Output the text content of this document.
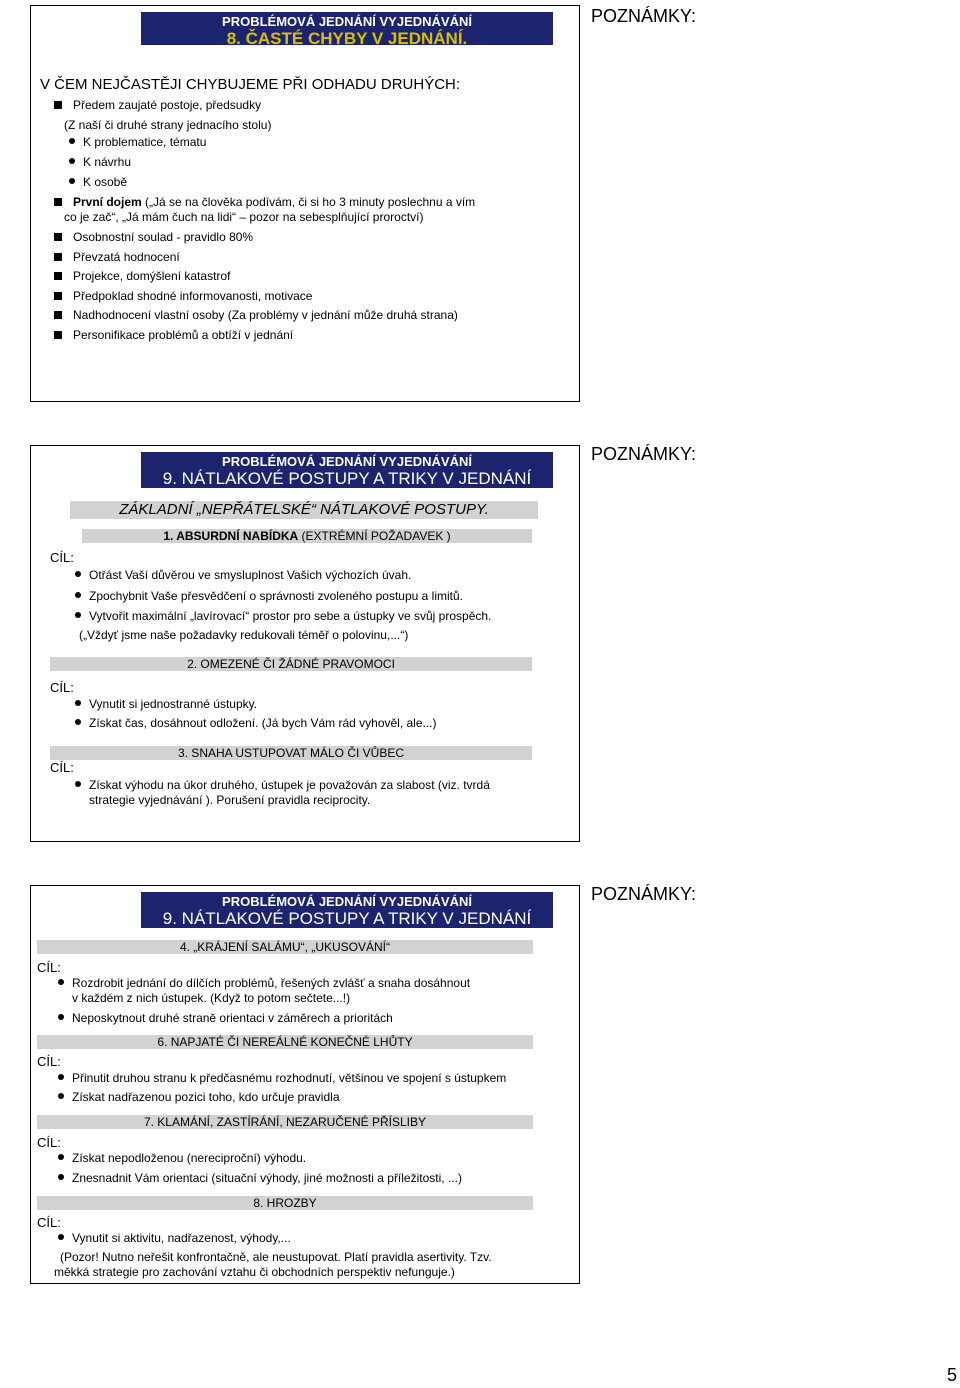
PROBLÉMOVÁ JEDNÁNÍ VYJEDNÁVÁNÍ
8. ČASTÉ CHYBY V JEDNÁNÍ.
POZNÁMKY:
V ČEM NEJČASTĚJI CHYBUJEME PŘI ODHADU DRUHÝCH:
Předem zaujaté postoje, předsudky
(Z naší či druhé strany jednacího stolu)
K problematice, tématu
K návrhu
K osobě
První dojem („Já se na člověka podívám, či si ho 3 minuty poslechnu a vím
co je zač“, „Já mám čuch na lidi“ – pozor na sebesplňující proroctví)
Osobnostní soulad - pravidlo 80%
Převzatá hodnocení
Projekce, domýšlení katastrof
Předpoklad shodné informovanosti, motivace
Nadhodnocení vlastní osoby (Za problémy v jednání může druhá strana)
Personifikace problémů a obtíží v jednání
PROBLÉMOVÁ JEDNÁNÍ VYJEDNÁVÁNÍ
9. NÁTLAKOVÉ POSTUPY A TRIKY V JEDNÁNÍ
POZNÁMKY:
ZÁKLADNÍ „NEPŘÁTELSKÉ“ NÁTLAKOVÉ POSTUPY.
1. ABSURDNÍ NABÍDKA (EXTRÉMNÍ POŽADAVEK )
CÍL:
Otřást Vaší důvěrou ve smysluplnost Vašich výchozích úvah.
Zpochybnit Vaše přesvědčení o správnosti zvoleného postupu a limitů.
Vytvořit maximální „lavírovací“ prostor pro sebe a ústupky ve svůj prospěch.
(„Vždyť jsme naše požadavky redukovali téměř o polovinu,...“)
2. OMEZENÉ ČI ŽÁDNÉ PRAVOMOCI
CÍL:
Vynutit si jednostranné ústupky.
Získat čas, dosáhnout odložení. (Já bych Vám rád vyhověl, ale...)
3. SNAHA USTUPOVAT MÁLO ČI VŮBEC
CÍL:
Získat výhodu na úkor druhého, ústupek je považován za slabost (viz. tvrdá
strategie vyjednávání ). Porušení pravidla reciprocity.
PROBLÉMOVÁ JEDNÁNÍ VYJEDNÁVÁNÍ
9. NÁTLAKOVÉ POSTUPY A TRIKY V JEDNÁNÍ
POZNÁMKY:
4. „KRÁJENÍ SALÁMU“, „UKUSOVÁNÍ“
CÍL:
Rozdrobit jednání do dílčích problémů, řešených zvlášť a snaha dosáhnout
v každém z nich ústupek. (Když to potom sečtete...!)
Neposkytnout druhé straně orientaci v záměrech a prioritách
6. NAPJATÉ ČI NEREÁLNÉ KONEČNÉ LHŮTY
CÍL:
Přinutit druhou stranu k předčasnému rozhodnutí, většinou ve spojení s ústupkem
Získat nadřazenou pozici toho, kdo určuje pravidla
7. KLAMÁNÍ, ZASTÍRÁNÍ, NEZARUČENÉ PŘÍSLIBY
CÍL:
Získat nepodloženou (nereciproční) výhodu.
Znesnadnit Vám orientaci (situační výhody, jiné možnosti a příležitosti, ...)
8. HROZBY
CÍL:
Vynutit si aktivitu, nadřazenost, výhody,...
(Pozor! Nutno neřešit konfrontačně, ale neustupovat. Platí pravidla asertivity. Tzv.
měkká strategie pro zachování vztahu či obchodních perspektiv nefunguje.)
5
